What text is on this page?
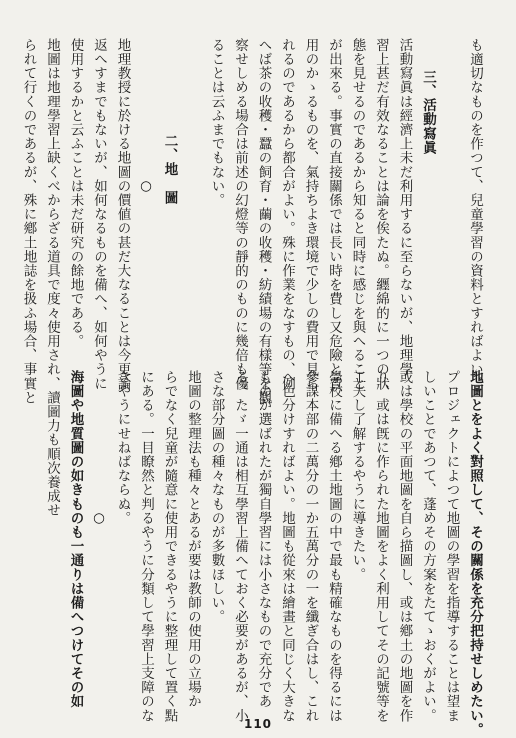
も適切なものを作つて、兒童學習の資料とすればよい。
三、活動寫眞
活動寫眞は經濟上未だ利用するに至らないが、地理學
習上甚だ有效なることは論を俟たぬ。纒綿的に一つの狀
態を見せるのであるから知ると同時に感じを與へること
が出來る。事實の直接關係では長い時を費し又危險と費
用のかゝるものを、氣持ちよき環境で少しの費用で見ら
れるのであるから都合がよい。殊に作業をなすもの、例
へば茶の收穫・蠶の飼育・繭の收穫・紡績場の有樣等を觀
察せしめる場合は前述の幻燈等の靜的のものに幾倍も優
ることは云ふまでもない。
二、地　圖
○
地理教授に於ける地圖の價値の甚だ大なることは今更論
返へすまでもないが、如何なるものを備へ、如何やうに
使用するかと云ふことは未だ研究の餘地である。
地圖は地理學習上缺くべからざる道具で度々使用され、讀圖力も順次養成せ
られて行くのであるが、殊に鄕土地誌を扱ふ場合、事實と
地圖とをよく對照して、その關係を充分把持せしめたい。
プロジェクトによつて地圖の學習を指導することは望ま
しいことであつて、蓬めその方案をたてゝおくがよい。
或は學校の平面地圖を自ら描圖し、或は鄕土の地圖を作
り、或は旣に作られた地圖をよく利用してその記號等を
工夫し了解するやうに導きたい。
學校に備へる鄕土地圖の中で最も精確なものを得るには
參謀本部の二萬分の一か五萬分の一を纖ぎ合はし、これ
へ色分けすればよい。地圖も從來は繪畫と同じく大きな
ものが選ばれたが獨自學習には小さなもので充分であ
る。たゞ一通は相互學習上備へておく必要があるが、小
さな部分圖の種々なものが多數ほしい。
地圖の整理法も種々とあるが要は教師の使用の立場か
らでなく兒童が隨意に使用できるやうに整理して置く點
にある。一目瞭然と判るやうに分類して學習上支障のな
きやうにせねばならぬ。
○
海圖や地質圖の如きものも一通りは備へつけてその如
110
